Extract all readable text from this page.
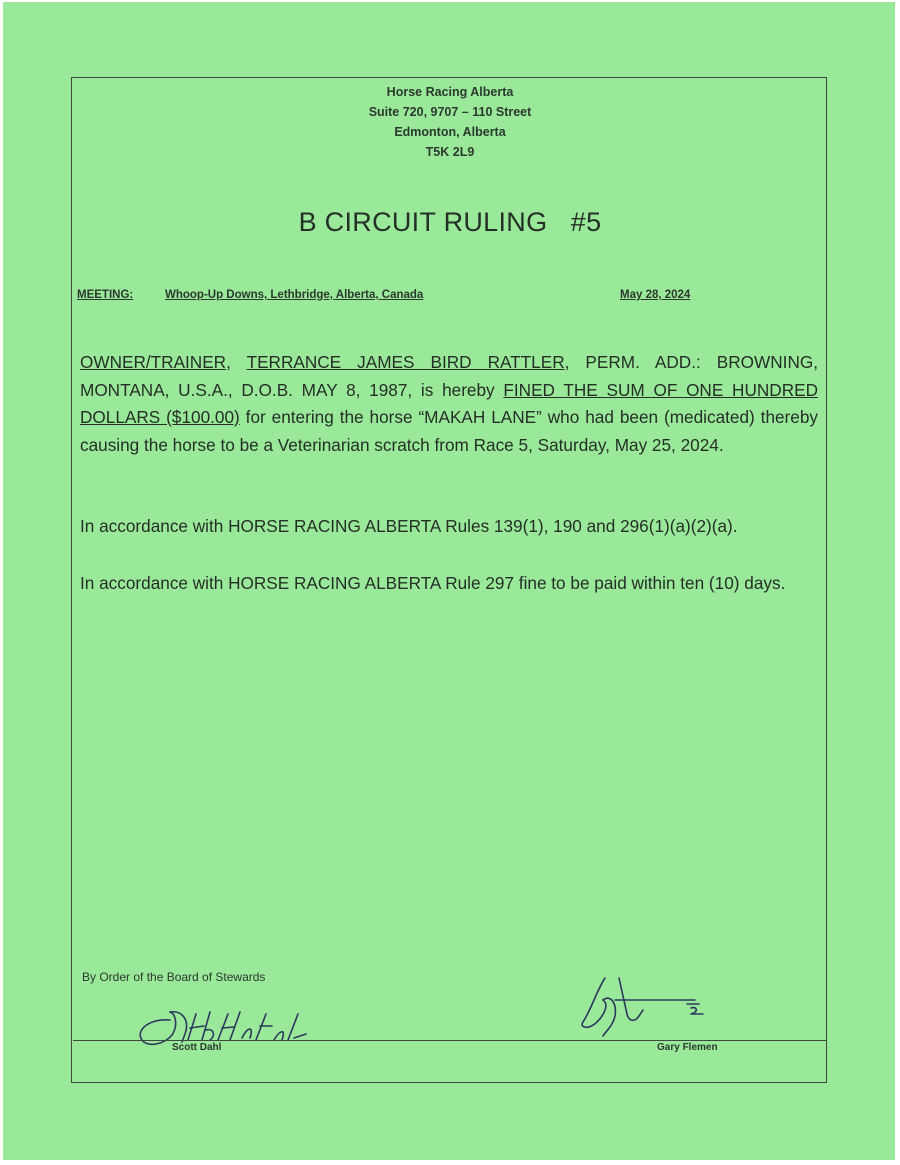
Horse Racing Alberta
Suite 720, 9707 – 110 Street
Edmonton, Alberta
T5K 2L9
B CIRCUIT RULING   #5
MEETING:	Whoop-Up Downs, Lethbridge, Alberta, Canada	May 28, 2024
OWNER/TRAINER, TERRANCE JAMES BIRD RATTLER, PERM. ADD.: BROWNING, MONTANA, U.S.A., D.O.B. MAY 8, 1987, is hereby FINED THE SUM OF ONE HUNDRED DOLLARS ($100.00) for entering the horse “MAKAH LANE” who had been (medicated) thereby causing the horse to be a Veterinarian scratch from Race 5, Saturday, May 25, 2024.
In accordance with HORSE RACING ALBERTA Rules 139(1), 190 and 296(1)(a)(2)(a).
In accordance with HORSE RACING ALBERTA Rule 297 fine to be paid within ten (10) days.
By Order of the Board of Stewards
Scott Dahl	Gary Flemen
